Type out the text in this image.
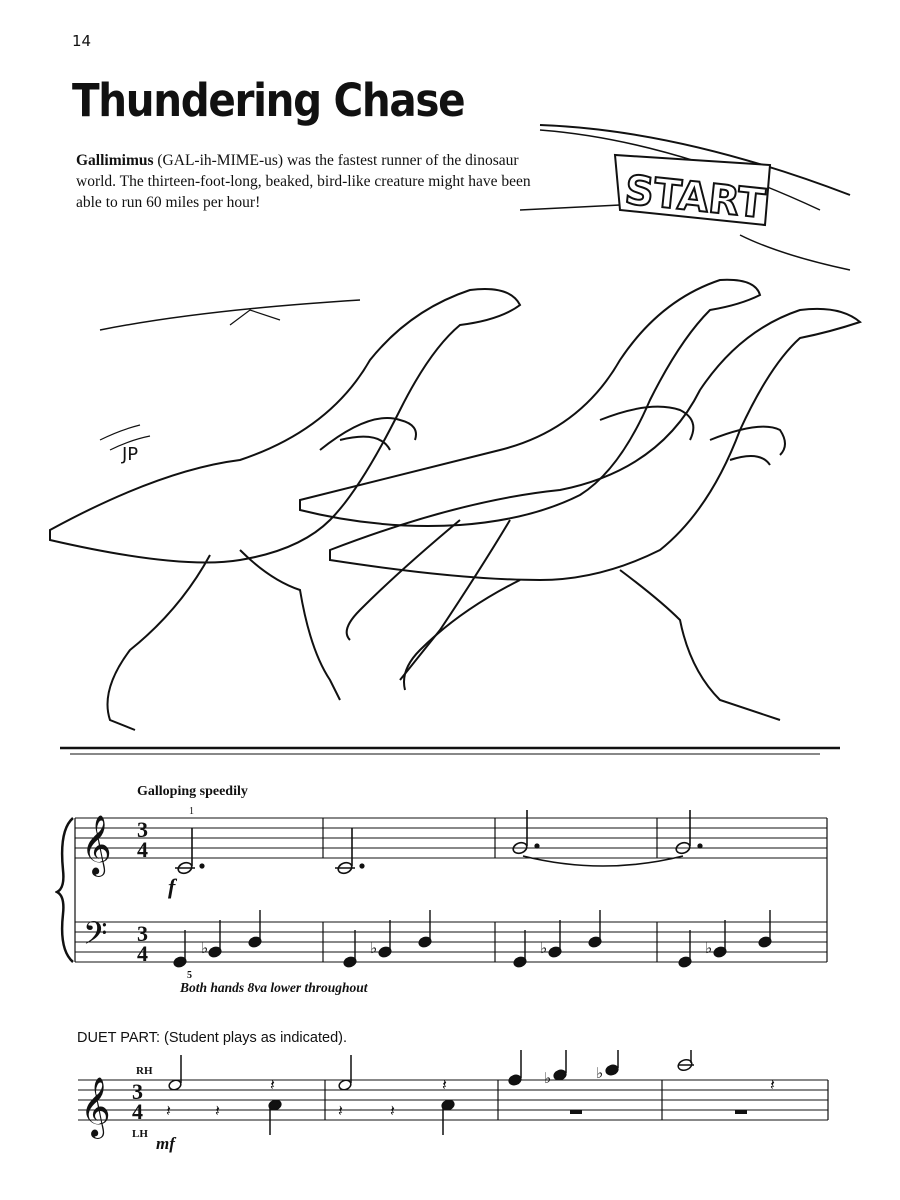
14
Thundering Chase

Gallimimus (GAL-ih-MIME-us) was the fastest runner of the dinosaur world. The thirteen-foot-long, beaked, bird-like creature might have been able to run 60 miles per hour!	START
JP
Galloping speedily
𝄞
𝄢
3
4
3
4
1
5
f
♭	♭	♭	♭
Both hands 8va lower throughout
DUET PART: (Student plays as indicated).
𝄞 3
4
RH
LH mf
𝄽	𝄽
𝄽
𝄽	𝄽
𝄽	♭	♭
𝄽
